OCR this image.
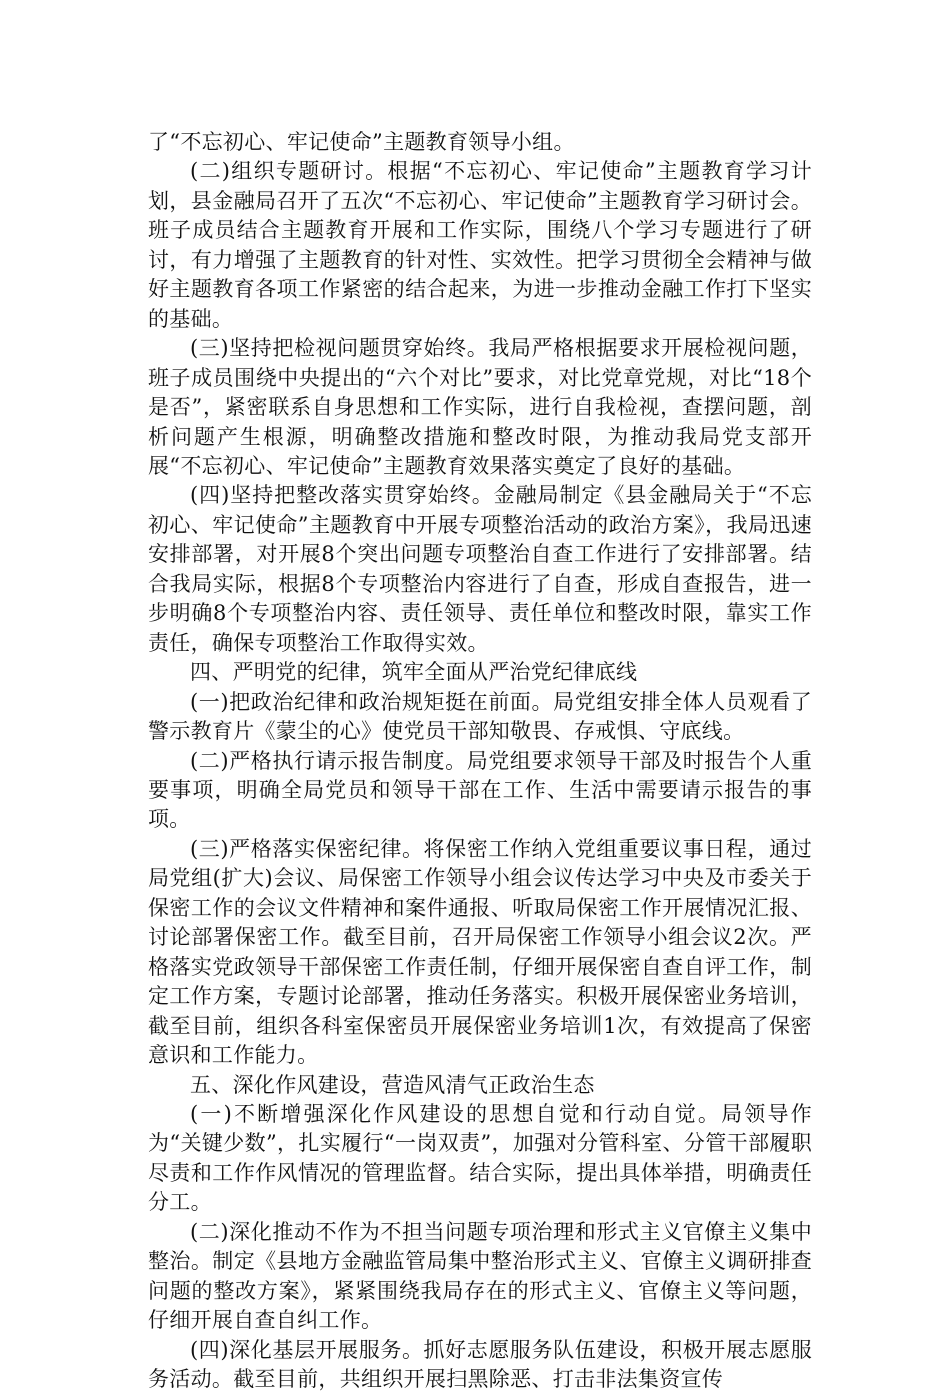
了“不忘初心、牢记使命”主题教育领导小组。

(二)组织专题研讨。根据“不忘初心、牢记使命”主题教育学习计划，县金融局召开了五次“不忘初心、牢记使命”主题教育学习研讨会。班子成员结合主题教育开展和工作实际，围绕八个学习专题进行了研讨，有力增强了主题教育的针对性、实效性。把学习贯彻全会精神与做好主题教育各项工作紧密的结合起来，为进一步推动金融工作打下坚实的基础。

(三)坚持把检视问题贯穿始终。我局严格根据要求开展检视问题，班子成员围绕中央提出的“六个对比”要求，对比党章党规，对比“18个是否”，紧密联系自身思想和工作实际，进行自我检视，查摆问题，剖析问题产生根源，明确整改措施和整改时限，为推动我局党支部开展“不忘初心、牢记使命”主题教育效果落实奠定了良好的基础。

(四)坚持把整改落实贯穿始终。金融局制定《县金融局关于“不忘初心、牢记使命”主题教育中开展专项整治活动的政治方案》，我局迅速安排部署，对开展8个突出问题专项整治自查工作进行了安排部署。结合我局实际，根据8个专项整治内容进行了自查，形成自查报告，进一步明确8个专项整治内容、责任领导、责任单位和整改时限，靠实工作责任，确保专项整治工作取得实效。

四、严明党的纪律，筑牢全面从严治党纪律底线

(一)把政治纪律和政治规矩挺在前面。局党组安排全体人员观看了警示教育片《蒙尘的心》使党员干部知敬畏、存戒惧、守底线。

(二)严格执行请示报告制度。局党组要求领导干部及时报告个人重要事项，明确全局党员和领导干部在工作、生活中需要请示报告的事项。

(三)严格落实保密纪律。将保密工作纳入党组重要议事日程，通过局党组(扩大)会议、局保密工作领导小组会议传达学习中央及市委关于保密工作的会议文件精神和案件通报、听取局保密工作开展情况汇报、讨论部署保密工作。截至目前，召开局保密工作领导小组会议2次。严格落实党政领导干部保密工作责任制，仔细开展保密自查自评工作，制定工作方案，专题讨论部署，推动任务落实。积极开展保密业务培训，截至目前，组织各科室保密员开展保密业务培训1次，有效提高了保密意识和工作能力。

五、深化作风建设，营造风清气正政治生态

(一)不断增强深化作风建设的思想自觉和行动自觉。局领导作为“关键少数”，扎实履行“一岗双责”，加强对分管科室、分管干部履职尽责和工作作风情况的管理监督。结合实际，提出具体举措，明确责任分工。

(二)深化推动不作为不担当问题专项治理和形式主义官僚主义集中整治。制定《县地方金融监管局集中整治形式主义、官僚主义调研排查问题的整改方案》，紧紧围绕我局存在的形式主义、官僚主义等问题，仔细开展自查自纠工作。

(四)深化基层开展服务。抓好志愿服务队伍建设，积极开展志愿服务活动。截至目前，共组织开展扫黑除恶、打击非法集资宣传
